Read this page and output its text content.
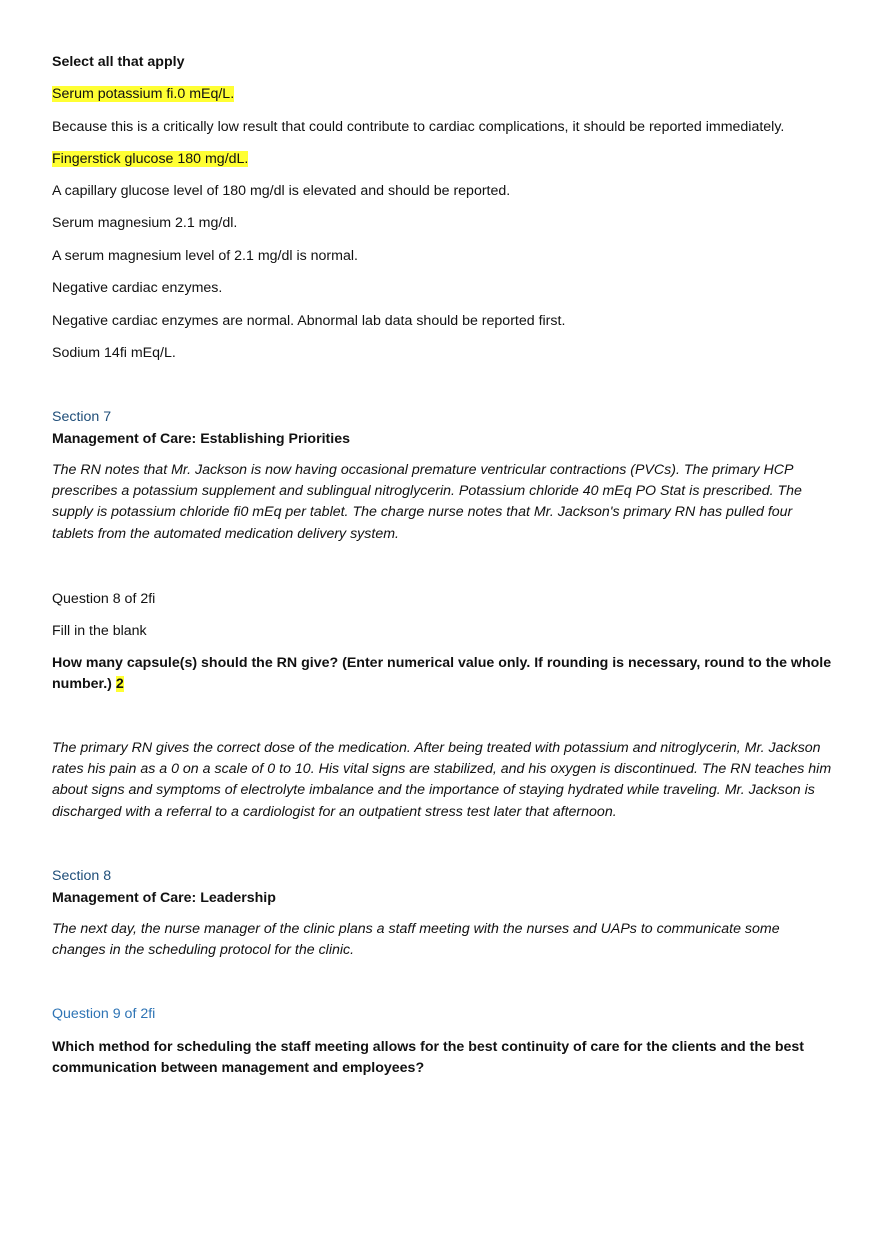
Select all that apply
Serum potassium fi.0 mEq/L.
Because this is a critically low result that could contribute to cardiac complications, it should be reported immediately.
Fingerstick glucose 180 mg/dL.
A capillary glucose level of 180 mg/dl is elevated and should be reported.
Serum magnesium 2.1 mg/dl.
A serum magnesium level of 2.1 mg/dl is normal.
Negative cardiac enzymes.
Negative cardiac enzymes are normal. Abnormal lab data should be reported first.
Sodium 14fi mEq/L.
Section 7
Management of Care: Establishing Priorities
The RN notes that Mr. Jackson is now having occasional premature ventricular contractions (PVCs). The primary HCP prescribes a potassium supplement and sublingual nitroglycerin. Potassium chloride 40 mEq PO Stat is prescribed. The supply is potassium chloride fi0 mEq per tablet. The charge nurse notes that Mr. Jackson's primary RN has pulled four tablets from the automated medication delivery system.
Question 8 of 2fi
Fill in the blank
How many capsule(s) should the RN give? (Enter numerical value only. If rounding is necessary, round to the whole number.) 2
The primary RN gives the correct dose of the medication. After being treated with potassium and nitroglycerin, Mr. Jackson rates his pain as a 0 on a scale of 0 to 10. His vital signs are stabilized, and his oxygen is discontinued. The RN teaches him about signs and symptoms of electrolyte imbalance and the importance of staying hydrated while traveling. Mr. Jackson is discharged with a referral to a cardiologist for an outpatient stress test later that afternoon.
Section 8
Management of Care: Leadership
The next day, the nurse manager of the clinic plans a staff meeting with the nurses and UAPs to communicate some changes in the scheduling protocol for the clinic.
Question 9 of 2fi
Which method for scheduling the staff meeting allows for the best continuity of care for the clients and the best communication between management and employees?
